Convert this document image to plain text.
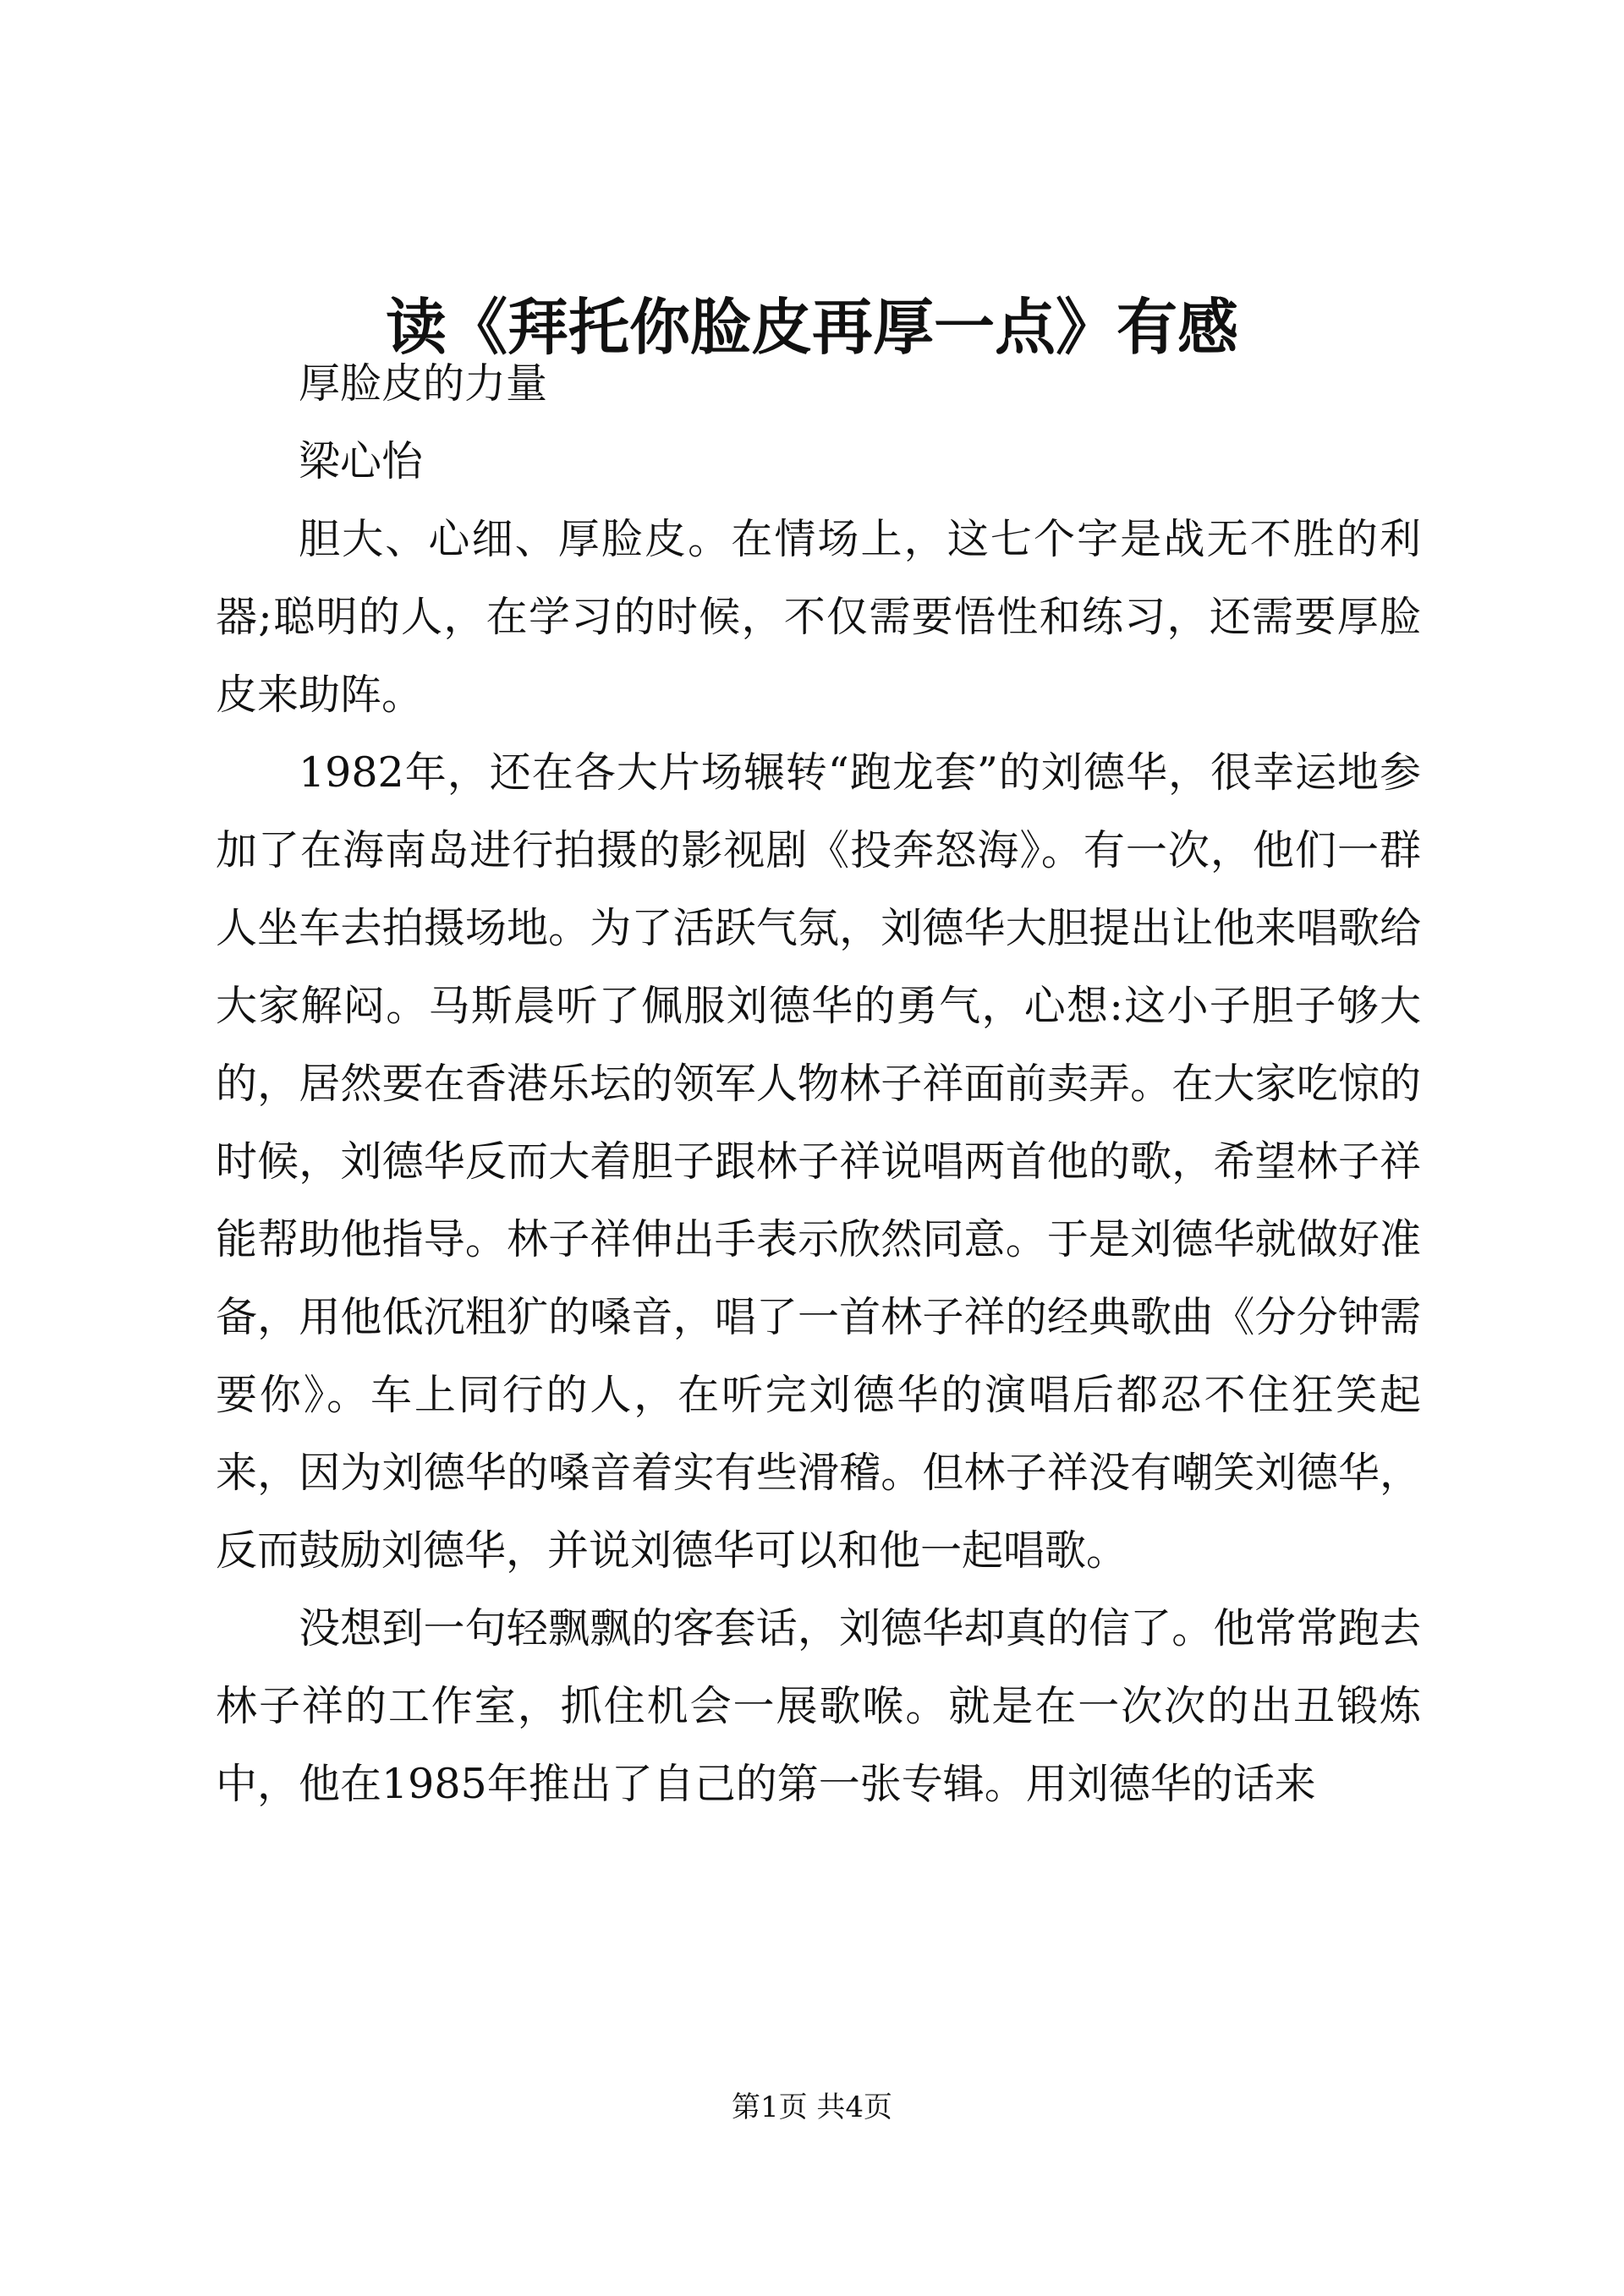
读《拜托你脸皮再厚一点》有感

厚脸皮的力量

梁心怡

胆大、心细、厚脸皮。在情场上，这七个字是战无不胜的利器;聪明的人，在学习的时候，不仅需要悟性和练习，还需要厚脸皮来助阵。

1982年，还在各大片场辗转“跑龙套”的刘德华，很幸运地参加了在海南岛进行拍摄的影视剧《投奔怒海》。有一次，他们一群人坐车去拍摄场地。为了活跃气氛，刘德华大胆提出让他来唱歌给大家解闷。马斯晨听了佩服刘德华的勇气，心想:这小子胆子够大的，居然要在香港乐坛的领军人物林子祥面前卖弄。在大家吃惊的时候，刘德华反而大着胆子跟林子祥说唱两首他的歌，希望林子祥能帮助他指导。林子祥伸出手表示欣然同意。于是刘德华就做好准备，用他低沉粗犷的嗓音，唱了一首林子祥的经典歌曲《分分钟需要你》。车上同行的人，在听完刘德华的演唱后都忍不住狂笑起来，因为刘德华的嗓音着实有些滑稽。但林子祥没有嘲笑刘德华，反而鼓励刘德华，并说刘德华可以和他一起唱歌。

没想到一句轻飘飘的客套话，刘德华却真的信了。他常常跑去林子祥的工作室，抓住机会一展歌喉。就是在一次次的出丑锻炼中，他在1985年推出了自己的第一张专辑。用刘德华的话来

第1页 共4页
